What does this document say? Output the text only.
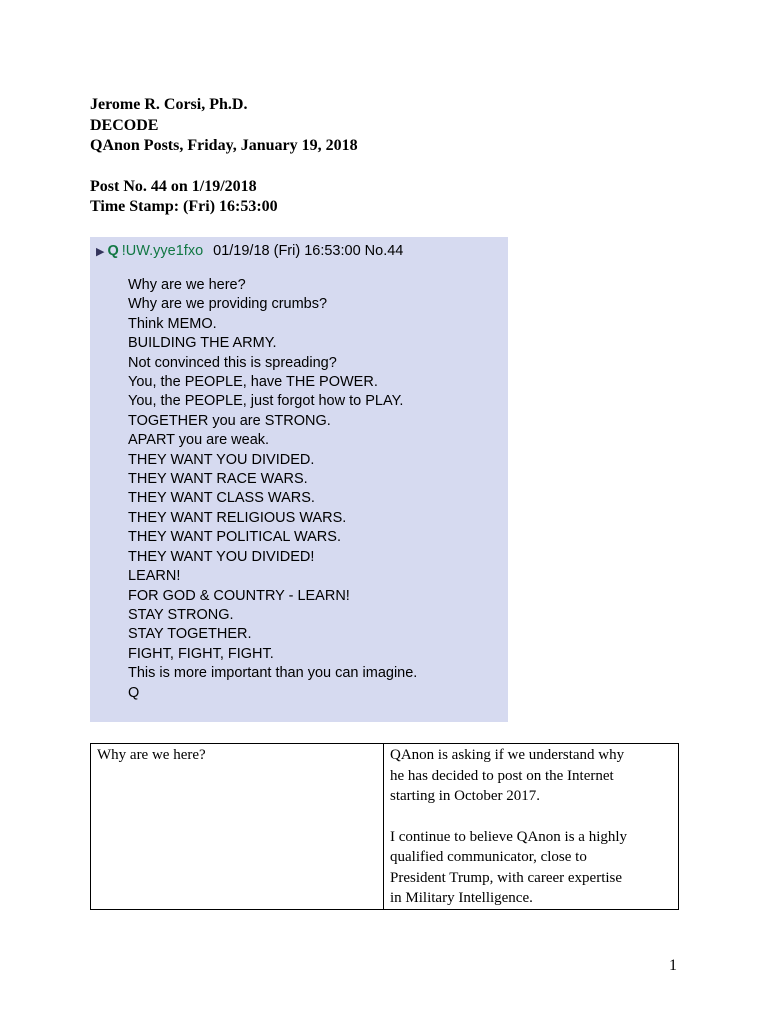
Jerome R. Corsi, Ph.D.
DECODE
QAnon Posts, Friday, January 19, 2018
Post No. 44 on 1/19/2018
Time Stamp: (Fri) 16:53:00
▶ Q !UW.yye1fxo 01/19/18 (Fri) 16:53:00 No.44
Why are we here?
Why are we providing crumbs?
Think MEMO.
BUILDING THE ARMY.
Not convinced this is spreading?
You, the PEOPLE, have THE POWER.
You, the PEOPLE, just forgot how to PLAY.
TOGETHER you are STRONG.
APART you are weak.
THEY WANT YOU DIVIDED.
THEY WANT RACE WARS.
THEY WANT CLASS WARS.
THEY WANT RELIGIOUS WARS.
THEY WANT POLITICAL WARS.
THEY WANT YOU DIVIDED!
LEARN!
FOR GOD & COUNTRY - LEARN!
STAY STRONG.
STAY TOGETHER.
FIGHT, FIGHT, FIGHT.
This is more important than you can imagine.
Q
Why are we here?	QAnon is asking if we understand why
he has decided to post on the Internet
starting in October 2017.
I continue to believe QAnon is a highly
qualified communicator, close to
President Trump, with career expertise
in Military Intelligence.
1
